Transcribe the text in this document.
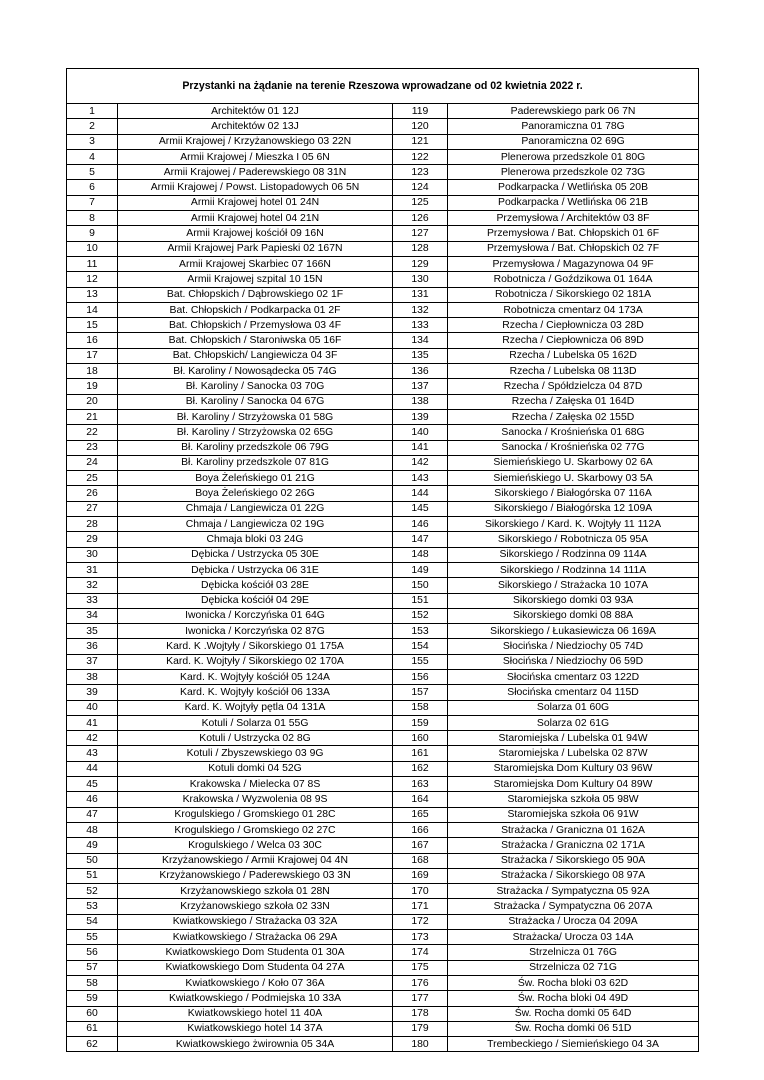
Przystanki na żądanie na terenie Rzeszowa wprowadzane od 02 kwietnia 2022 r.			
1	Architektów 01 12J	119	Paderewskiego park 06 7N
2	Architektów 02 13J	120	Panoramiczna 01 78G
3	Armii Krajowej / Krzyżanowskiego 03 22N	121	Panoramiczna 02 69G
4	Armii Krajowej / Mieszka I 05 6N	122	Plenerowa przedszkole 01 80G
5	Armii Krajowej / Paderewskiego 08 31N	123	Plenerowa przedszkole 02 73G
6	Armii Krajowej / Powst. Listopadowych 06 5N	124	Podkarpacka / Wetlińska 05 20B
7	Armii Krajowej hotel 01 24N	125	Podkarpacka / Wetlińska 06 21B
8	Armii Krajowej hotel 04 21N	126	Przemysłowa / Architektów 03 8F
9	Armii Krajowej kościół 09 16N	127	Przemysłowa / Bat. Chłopskich 01 6F
10	Armii Krajowej Park Papieski 02 167N	128	Przemysłowa / Bat. Chłopskich 02 7F
11	Armii Krajowej Skarbiec 07 166N	129	Przemysłowa / Magazynowa 04 9F
12	Armii Krajowej szpital 10 15N	130	Robotnicza / Goździkowa 01 164A
13	Bat. Chłopskich / Dąbrowskiego 02 1F	131	Robotnicza / Sikorskiego 02 181A
14	Bat. Chłopskich / Podkarpacka 01 2F	132	Robotnicza cmentarz 04 173A
15	Bat. Chłopskich / Przemysłowa 03 4F	133	Rzecha / Ciepłownicza 03 28D
16	Bat. Chłopskich / Staroniwska 05 16F	134	Rzecha / Ciepłownicza 06 89D
17	Bat. Chłopskich/ Langiewicza 04 3F	135	Rzecha / Lubelska 05 162D
18	Bł. Karoliny / Nowosądecka 05 74G	136	Rzecha / Lubelska 08 113D
19	Bł. Karoliny / Sanocka 03 70G	137	Rzecha / Spółdzielcza 04 87D
20	Bł. Karoliny / Sanocka 04 67G	138	Rzecha / Załęska 01 164D
21	Bł. Karoliny / Strzyżowska 01 58G	139	Rzecha / Załęska 02 155D
22	Bł. Karoliny / Strzyżowska 02 65G	140	Sanocka / Krośnieńska 01 68G
23	Bł. Karoliny przedszkole 06 79G	141	Sanocka / Krośnieńska 02 77G
24	Bł. Karoliny przedszkole 07 81G	142	Siemieńskiego U. Skarbowy 02 6A
25	Boya Żeleńskiego 01 21G	143	Siemieńskiego U. Skarbowy 03 5A
26	Boya Żeleńskiego 02 26G	144	Sikorskiego / Białogórska 07 116A
27	Chmaja / Langiewicza 01 22G	145	Sikorskiego / Białogórska 12 109A
28	Chmaja / Langiewicza 02 19G	146	Sikorskiego / Kard. K. Wojtyły 11 112A
29	Chmaja bloki 03 24G	147	Sikorskiego / Robotnicza 05 95A
30	Dębicka / Ustrzycka 05 30E	148	Sikorskiego / Rodzinna 09 114A
31	Dębicka / Ustrzycka 06 31E	149	Sikorskiego / Rodzinna 14 111A
32	Dębicka kościół 03 28E	150	Sikorskiego / Strażacka 10 107A
33	Dębicka kościół 04 29E	151	Sikorskiego domki 03 93A
34	Iwonicka / Korczyńska 01 64G	152	Sikorskiego domki 08 88A
35	Iwonicka / Korczyńska 02 87G	153	Sikorskiego / Łukasiewicza 06 169A
36	Kard. K .Wojtyły / Sikorskiego 01 175A	154	Słocińska / Niedziochy 05 74D
37	Kard. K. Wojtyły / Sikorskiego 02 170A	155	Słocińska / Niedziochy 06 59D
38	Kard. K. Wojtyły kościół 05 124A	156	Słocińska cmentarz 03 122D
39	Kard. K. Wojtyły kościół 06 133A	157	Słocińska cmentarz 04 115D
40	Kard. K. Wojtyły pętla 04 131A	158	Solarza 01 60G
41	Kotuli / Solarza 01 55G	159	Solarza 02 61G
42	Kotuli / Ustrzycka 02 8G	160	Staromiejska / Lubelska 01 94W
43	Kotuli / Zbyszewskiego 03 9G	161	Staromiejska / Lubelska 02 87W
44	Kotuli domki 04 52G	162	Staromiejska Dom Kultury 03 96W
45	Krakowska / Mielecka 07 8S	163	Staromiejska Dom Kultury 04 89W
46	Krakowska / Wyzwolenia 08 9S	164	Staromiejska szkoła 05 98W
47	Krogulskiego / Gromskiego 01 28C	165	Staromiejska szkoła 06 91W
48	Krogulskiego / Gromskiego 02 27C	166	Strażacka / Graniczna 01 162A
49	Krogulskiego / Welca 03 30C	167	Strażacka / Graniczna 02 171A
50	Krzyżanowskiego / Armii Krajowej 04 4N	168	Strażacka / Sikorskiego 05 90A
51	Krzyżanowskiego / Paderewskiego 03 3N	169	Strażacka / Sikorskiego 08 97A
52	Krzyżanowskiego szkoła 01 28N	170	Strażacka / Sympatyczna 05 92A
53	Krzyżanowskiego szkoła 02 33N	171	Strażacka / Sympatyczna 06 207A
54	Kwiatkowskiego / Strażacka 03 32A	172	Strażacka / Urocza 04 209A
55	Kwiatkowskiego / Strażacka 06 29A	173	Strażacka/ Urocza 03 14A
56	Kwiatkowskiego Dom Studenta 01 30A	174	Strzelnicza 01 76G
57	Kwiatkowskiego Dom Studenta 04 27A	175	Strzelnicza 02 71G
58	Kwiatkowskiego / Koło 07 36A	176	Św. Rocha bloki 03 62D
59	Kwiatkowskiego / Podmiejska 10 33A	177	Św. Rocha bloki 04 49D
60	Kwiatkowskiego hotel 11 40A	178	Św. Rocha domki 05 64D
61	Kwiatkowskiego hotel 14 37A	179	Św. Rocha domki 06 51D
62	Kwiatkowskiego żwirownia 05 34A	180	Trembeckiego / Siemieńskiego 04 3A
